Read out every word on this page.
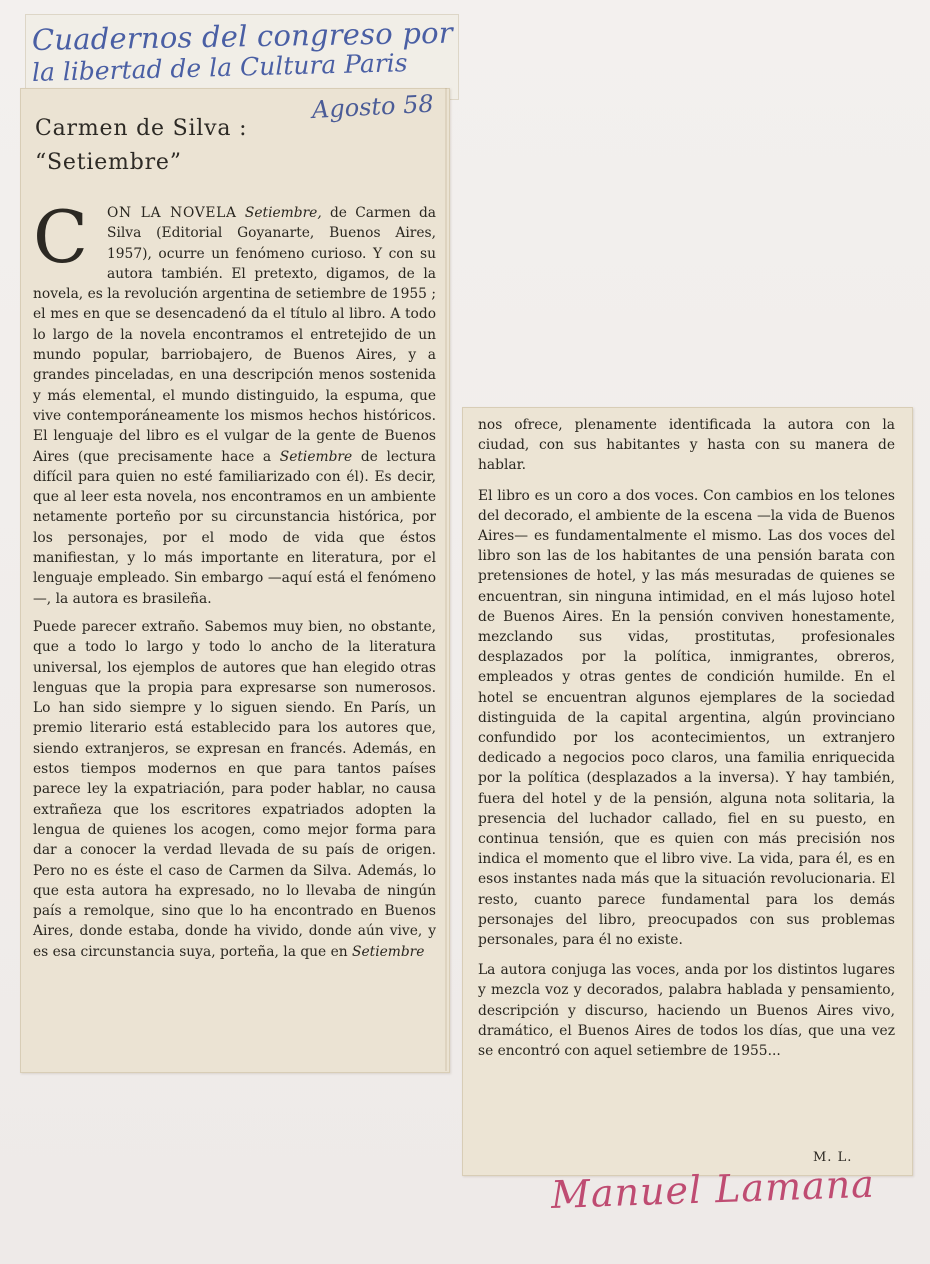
Cuadernos del congreso por
la libertad de la Cultura Paris
Agosto 58
Carmen de Silva :
“Setiembre”

C	ON LA NOVELA Setiembre, de Carmen da Silva (Editorial Goyanarte, Buenos Aires, 1957), ocurre un fenómeno curioso. Y con su autora también. El pretexto, digamos, de la novela, es la revolución argentina de setiembre de 1955 ; el mes en que se desencadenó da el título al libro. A todo lo largo de la novela encontramos el entretejido de un mundo popular, barriobajero, de Buenos Aires, y a grandes pinceladas, en una descripción menos sostenida y más elemental, el mundo distinguido, la espuma, que vive contemporáneamente los mismos hechos históricos. El lenguaje del libro es el vulgar de la gente de Buenos Aires (que precisamente hace a Setiembre de lectura difícil para quien no esté familiarizado con él). Es decir, que al leer esta novela, nos encontramos en un ambiente netamente porteño por su circunstancia histórica, por los personajes, por el modo de vida que éstos manifiestan, y lo más importante en literatura, por el lenguaje empleado. Sin embargo —aquí está el fenómeno—, la autora es brasileña.

Puede parecer extraño. Sabemos muy bien, no obstante, que a todo lo largo y todo lo ancho de la literatura universal, los ejemplos de autores que han elegido otras lenguas que la propia para expresarse son numerosos. Lo han sido siempre y lo siguen siendo. En París, un premio literario está establecido para los autores que, siendo extranjeros, se expresan en francés. Además, en estos tiempos modernos en que para tantos países parece ley la expatriación, para poder hablar, no causa extrañeza que los escritores expatriados adopten la lengua de quienes los acogen, como mejor forma para dar a conocer la verdad llevada de su país de origen. Pero no es éste el caso de Carmen da Silva. Además, lo que esta autora ha expresado, no lo llevaba de ningún país a remolque, sino que lo ha encontrado en Buenos Aires, donde estaba, donde ha vivido, donde aún vive, y es esa circunstancia suya, porteña, la que en Setiembre

nos ofrece, plenamente identificada la autora con la ciudad, con sus habitantes y hasta con su manera de hablar.

El libro es un coro a dos voces. Con cambios en los telones del decorado, el ambiente de la escena —la vida de Buenos Aires— es fundamentalmente el mismo. Las dos voces del libro son las de los habitantes de una pensión barata con pretensiones de hotel, y las más mesuradas de quienes se encuentran, sin ninguna intimidad, en el más lujoso hotel de Buenos Aires. En la pensión conviven honestamente, mezclando sus vidas, prostitutas, profesionales desplazados por la política, inmigrantes, obreros, empleados y otras gentes de condición humilde. En el hotel se encuentran algunos ejemplares de la sociedad distinguida de la capital argentina, algún provinciano confundido por los acontecimientos, un extranjero dedicado a negocios poco claros, una familia enriquecida por la política (desplazados a la inversa). Y hay también, fuera del hotel y de la pensión, alguna nota solitaria, la presencia del luchador callado, fiel en su puesto, en continua tensión, que es quien con más precisión nos indica el momento que el libro vive. La vida, para él, es en esos instantes nada más que la situación revolucionaria. El resto, cuanto parece fundamental para los demás personajes del libro, preocupados con sus problemas personales, para él no existe.

La autora conjuga las voces, anda por los distintos lugares y mezcla voz y decorados, palabra hablada y pensamiento, descripción y discurso, haciendo un Buenos Aires vivo, dramático, el Buenos Aires de todos los días, que una vez se encontró con aquel setiembre de 1955...

M. L.
Manuel Lamana
